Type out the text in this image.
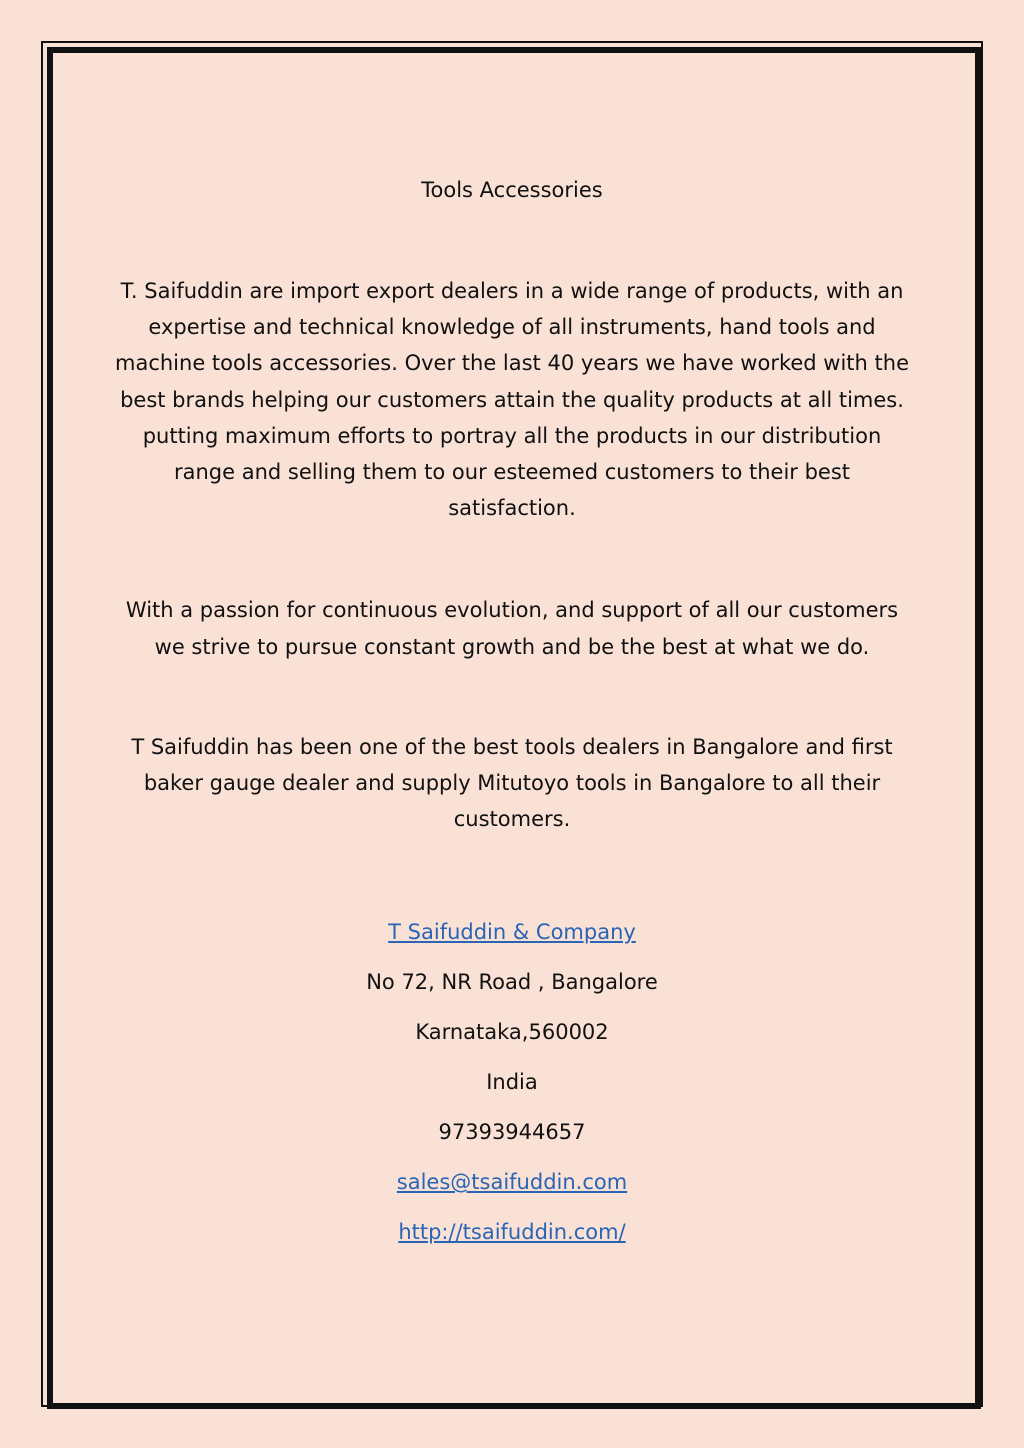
Tools Accessories

T. Saifuddin are import export dealers in a wide range of products, with an expertise and technical knowledge of all instruments, hand tools and machine tools accessories. Over the last 40 years we have worked with the best brands helping our customers attain the quality products at all times. putting maximum efforts to portray all the products in our distribution range and selling them to our esteemed customers to their best satisfaction.

With a passion for continuous evolution, and support of all our customers we strive to pursue constant growth and be the best at what we do.

T Saifuddin has been one of the best tools dealers in Bangalore and first baker gauge dealer and supply Mitutoyo tools in Bangalore to all their customers.

T Saifuddin & Company

No 72, NR Road , Bangalore

Karnataka,560002

India

97393944657

sales@tsaifuddin.com

http://tsaifuddin.com/
